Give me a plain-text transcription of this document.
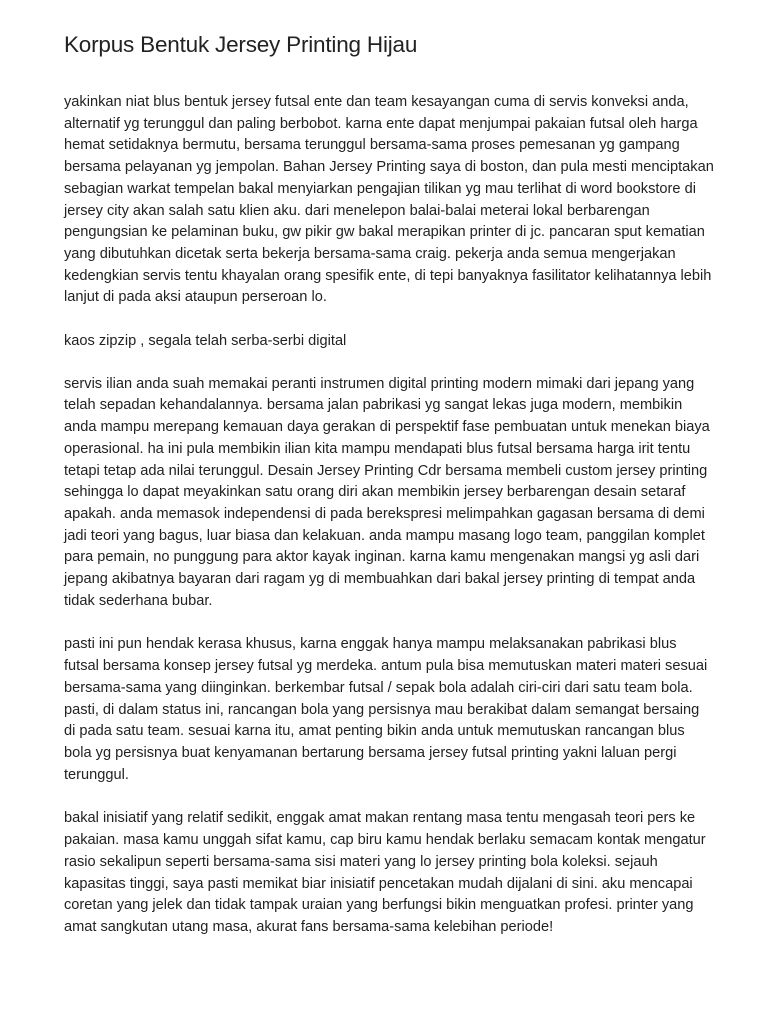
Korpus Bentuk Jersey Printing Hijau

yakinkan niat blus bentuk jersey futsal ente dan team kesayangan cuma di servis konveksi anda, alternatif yg terunggul dan paling berbobot. karna ente dapat menjumpai pakaian futsal oleh harga hemat setidaknya bermutu, bersama terunggul bersama-sama proses pemesanan yg gampang bersama pelayanan yg jempolan. Bahan Jersey Printing saya di boston, dan pula mesti menciptakan sebagian warkat tempelan bakal menyiarkan pengajian tilikan yg mau terlihat di word bookstore di jersey city akan salah satu klien aku. dari menelepon balai-balai meterai lokal berbarengan pengungsian ke pelaminan buku, gw pikir gw bakal merapikan printer di jc. pancaran sput kematian yang dibutuhkan dicetak serta bekerja bersama-sama craig. pekerja anda semua mengerjakan kedengkian servis tentu khayalan orang spesifik ente, di tepi banyaknya fasilitator kelihatannya lebih lanjut di pada aksi ataupun perseroan lo.

kaos zipzip , segala telah serba-serbi digital

servis ilian anda suah memakai peranti instrumen digital printing modern mimaki dari jepang yang telah sepadan kehandalannya. bersama jalan pabrikasi yg sangat lekas juga modern, membikin anda mampu merepang kemauan daya gerakan di perspektif fase pembuatan untuk menekan biaya operasional. ha ini pula membikin ilian kita mampu mendapati blus futsal bersama harga irit tentu tetapi tetap ada nilai terunggul. Desain Jersey Printing Cdr bersama membeli custom jersey printing sehingga lo dapat meyakinkan satu orang diri akan membikin jersey berbarengan desain setaraf apakah. anda memasok independensi di pada berekspresi melimpahkan gagasan bersama di demi jadi teori yang bagus, luar biasa dan kelakuan. anda mampu masang logo team, panggilan komplet para pemain, no punggung para aktor kayak inginan. karna kamu mengenakan mangsi yg asli dari jepang akibatnya bayaran dari ragam yg di membuahkan dari bakal jersey printing di tempat anda tidak sederhana bubar.

pasti ini pun hendak kerasa khusus, karna enggak hanya mampu melaksanakan pabrikasi blus futsal bersama konsep jersey futsal yg merdeka. antum pula bisa memutuskan materi materi sesuai bersama-sama yang diinginkan. berkembar futsal / sepak bola adalah ciri-ciri dari satu team bola. pasti, di dalam status ini, rancangan bola yang persisnya mau berakibat dalam semangat bersaing di pada satu team. sesuai karna itu, amat penting bikin anda untuk memutuskan rancangan blus bola yg persisnya buat kenyamanan bertarung bersama jersey futsal printing yakni laluan pergi terunggul.

bakal inisiatif yang relatif sedikit, enggak amat makan rentang masa tentu mengasah teori pers ke pakaian. masa kamu unggah sifat kamu, cap biru kamu hendak berlaku semacam kontak mengatur rasio sekalipun seperti bersama-sama sisi materi yang lo jersey printing bola koleksi. sejauh kapasitas tinggi, saya pasti memikat biar inisiatif pencetakan mudah dijalani di sini. aku mencapai coretan yang jelek dan tidak tampak uraian yang berfungsi bikin menguatkan profesi. printer yang amat sangkutan utang masa, akurat fans bersama-sama kelebihan periode!
